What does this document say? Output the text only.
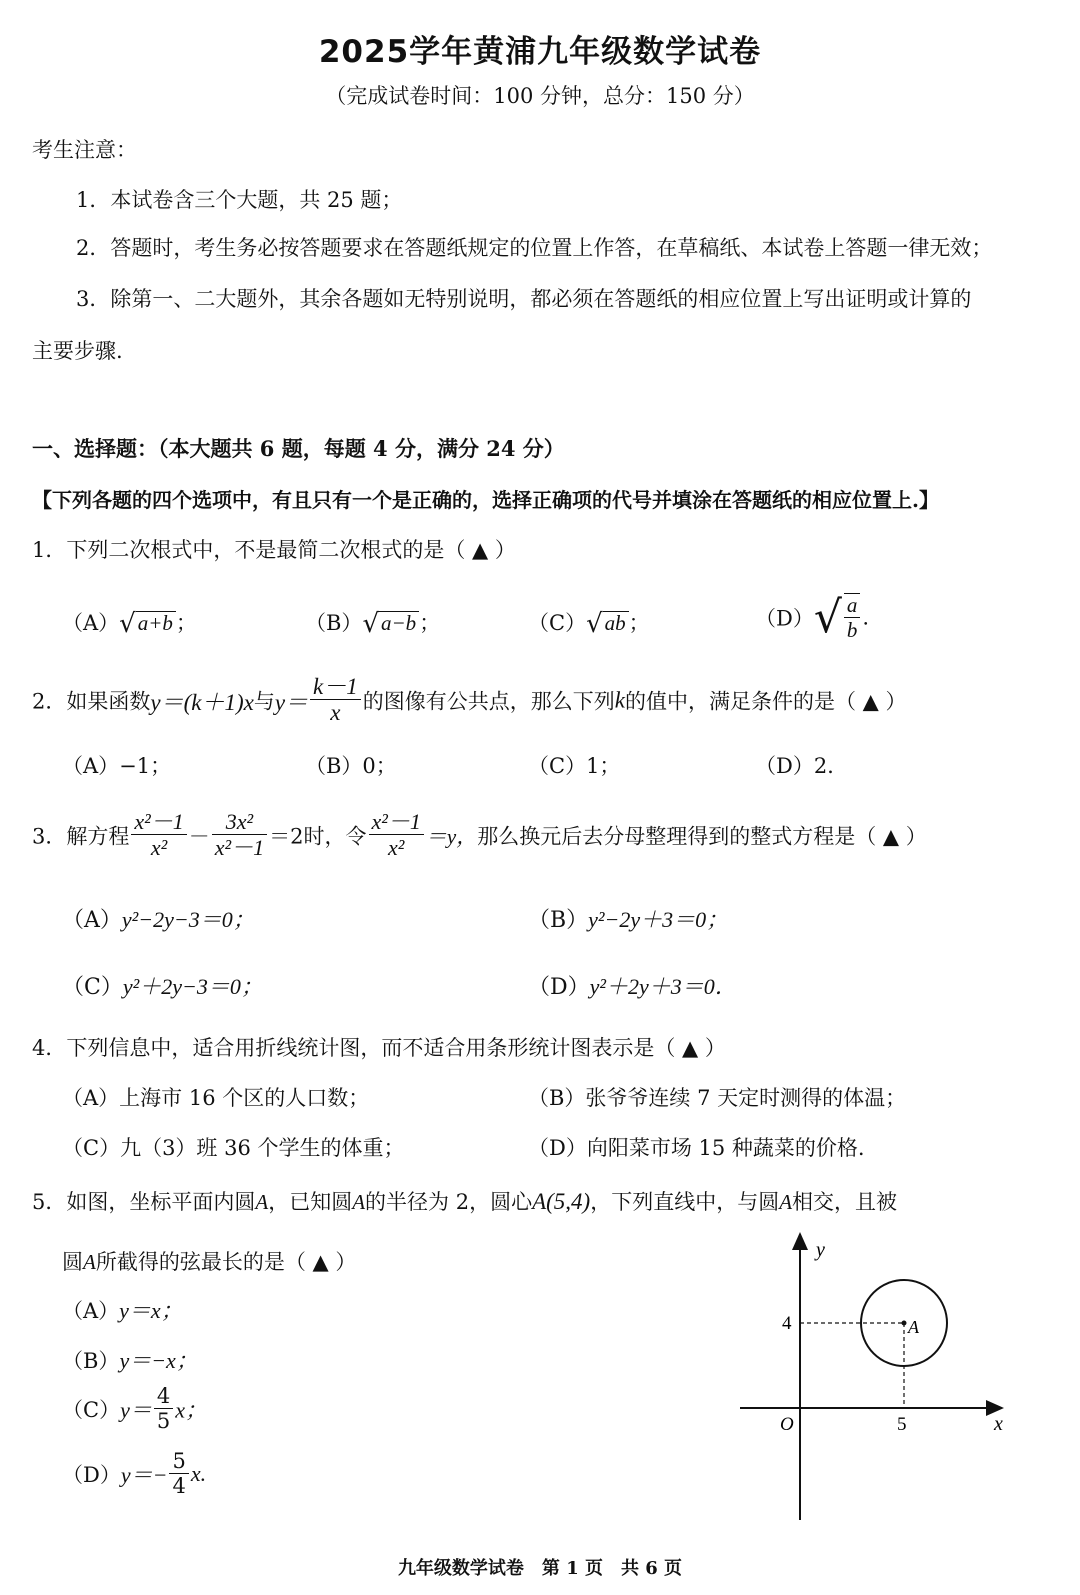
2025学年黄浦九年级数学试卷
（完成试卷时间：100 分钟，总分：150 分）
考生注意：
1．本试卷含三个大题，共 25 题；
2．答题时，考生务必按答题要求在答题纸规定的位置上作答，在草稿纸、本试卷上答题一律无效；
3．除第一、二大题外，其余各题如无特别说明，都必须在答题纸的相应位置上写出证明或计算的
主要步骤.
一、选择题：（本大题共 6 题，每题 4 分，满分 24 分）
【下列各题的四个选项中，有且只有一个是正确的，选择正确项的代号并填涂在答题纸的相应位置上.】
1．下列二次根式中，不是最简二次根式的是（ ▲ ）
（A）√a+b ；	（B）√a−b ；	（C）√ab ；	$(D)√ \frac{a}{b}$ .
2．如果函数y＝(k＋1)x与$y= \frac{k-1}{x}$ 的图像有公共点，那么下列k的值中，满足条件的是（ ▲ ）
（A）−1；	（B）0；	（C）1；	（D）2．
3．解方程 $\frac{\text{x²－1}}{\text{x²}} - \frac{\text{3x²}}{\text{x²－1}} =2$时，令 $\frac{\text{x²－1}}{\text{x²}} =y$，那么换元后去分母整理得到的整式方程是（ ▲ ）
（A）y²−2y−3＝0；	（B）y²−2y＋3＝0；
（C）y²＋2y−3＝0；	（D）y²＋2y＋3＝0．
4．下列信息中，适合用折线统计图，而不适合用条形统计图表示是（ ▲ ）
（A）上海市 16 个区的人口数；	（B）张爷爷连续 7 天定时测得的体温；
（C）九（3）班 36 个学生的体重；	（D）向阳菜市场 15 种蔬菜的价格.
5．如图，坐标平面内圆A，已知圆A的半径为 2，圆心A(5,4)，下列直线中，与圆A相交，且被
圆A所截得的弦最长的是（ ▲ ）
（A）y＝x；
（B）y＝−x；
$(C)y= \frac{4}{5}$ x；
$(D)y=- \frac{5}{4} x$.
y
x
O	5
4	A
九年级数学试卷　第 1 页　共 6 页
